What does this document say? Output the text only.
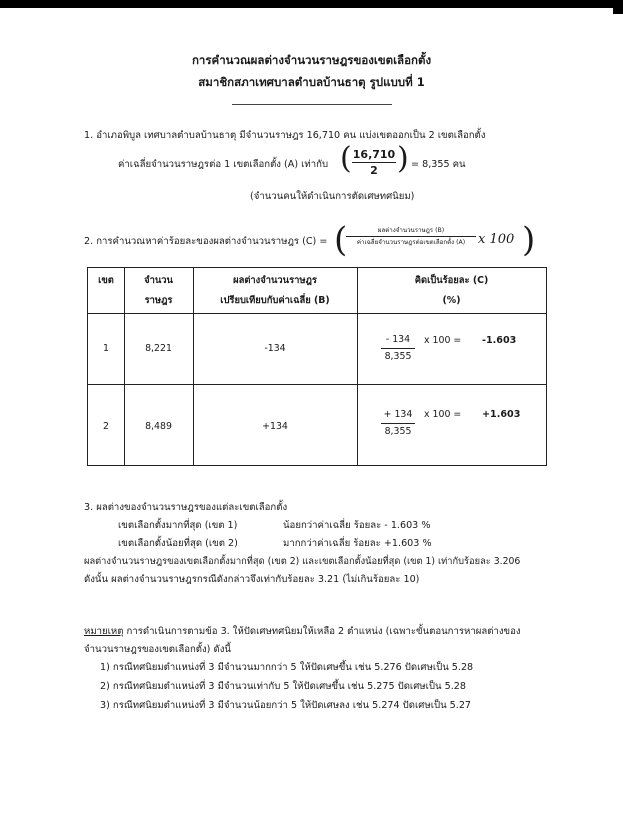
การคำนวณผลต่างจำนวนราษฎรของเขตเลือกตั้ง
สมาชิกสภาเทศบาลตำบลบ้านธาตุ รูปแบบที่ 1
1. อำเภอพิบูล เทศบาลตำบลบ้านธาตุ มีจำนวนราษฎร 16,710 คน แบ่งเขตออกเป็น 2 เขตเลือกตั้ง
ค่าเฉลี่ยจำนวนราษฎรต่อ 1 เขตเลือกตั้ง (A) เท่ากับ ( $\frac{16,710}{2}$ ) = 8,355 คน
(จำนวนคนให้ดำเนินการตัดเศษทศนิยม)
2. การคำนวณหาค่าร้อยละของผลต่างจำนวนราษฎร (C) = (	ผลต่างจำนวนราษฎร (B)
ค่าเฉลี่ยจำนวนราษฎรต่อเขตเลือกตั้ง (A) x 100 )
เขต	จำนวน
ราษฎร
ผลต่างจำนวนราษฎร
เปรียบเทียบกับค่าเฉลี่ย (B)
คิดเป็นร้อยละ (C)
(%)
1	8,221	-134	$\frac{- 134}{8,355}$ x 100 = -1.603
2	8,489	+134	$\frac{+ 134}{8,355}$ x 100 = +1.603
3. ผลต่างของจำนวนราษฎรของแต่ละเขตเลือกตั้ง
เขตเลือกตั้งมากที่สุด (เขต 1)	น้อยกว่าค่าเฉลี่ย ร้อยละ - 1.603 %
เขตเลือกตั้งน้อยที่สุด (เขต 2)	มากกว่าค่าเฉลี่ย ร้อยละ +1.603 %
ผลต่างจำนวนราษฎรของเขตเลือกตั้งมากที่สุด (เขต 2) และเขตเลือกตั้งน้อยที่สุด (เขต 1) เท่ากับร้อยละ 3.206
ดังนั้น ผลต่างจำนวนราษฎรกรณีดังกล่าวจึงเท่ากับร้อยละ 3.21 (ไม่เกินร้อยละ 10)
หมายเหตุ การดำเนินการตามข้อ 3. ให้ปัดเศษทศนิยมให้เหลือ 2 ตำแหน่ง (เฉพาะขั้นตอนการหาผลต่างของ
จำนวนราษฎรของเขตเลือกตั้ง) ดังนี้
1) กรณีทศนิยมตำแหน่งที่ 3 มีจำนวนมากกว่า 5 ให้ปัดเศษขึ้น เช่น 5.276 ปัดเศษเป็น 5.28
2) กรณีทศนิยมตำแหน่งที่ 3 มีจำนวนเท่ากับ 5 ให้ปัดเศษขึ้น เช่น 5.275 ปัดเศษเป็น 5.28
3) กรณีทศนิยมตำแหน่งที่ 3 มีจำนวนน้อยกว่า 5 ให้ปัดเศษลง เช่น 5.274 ปัดเศษเป็น 5.27
